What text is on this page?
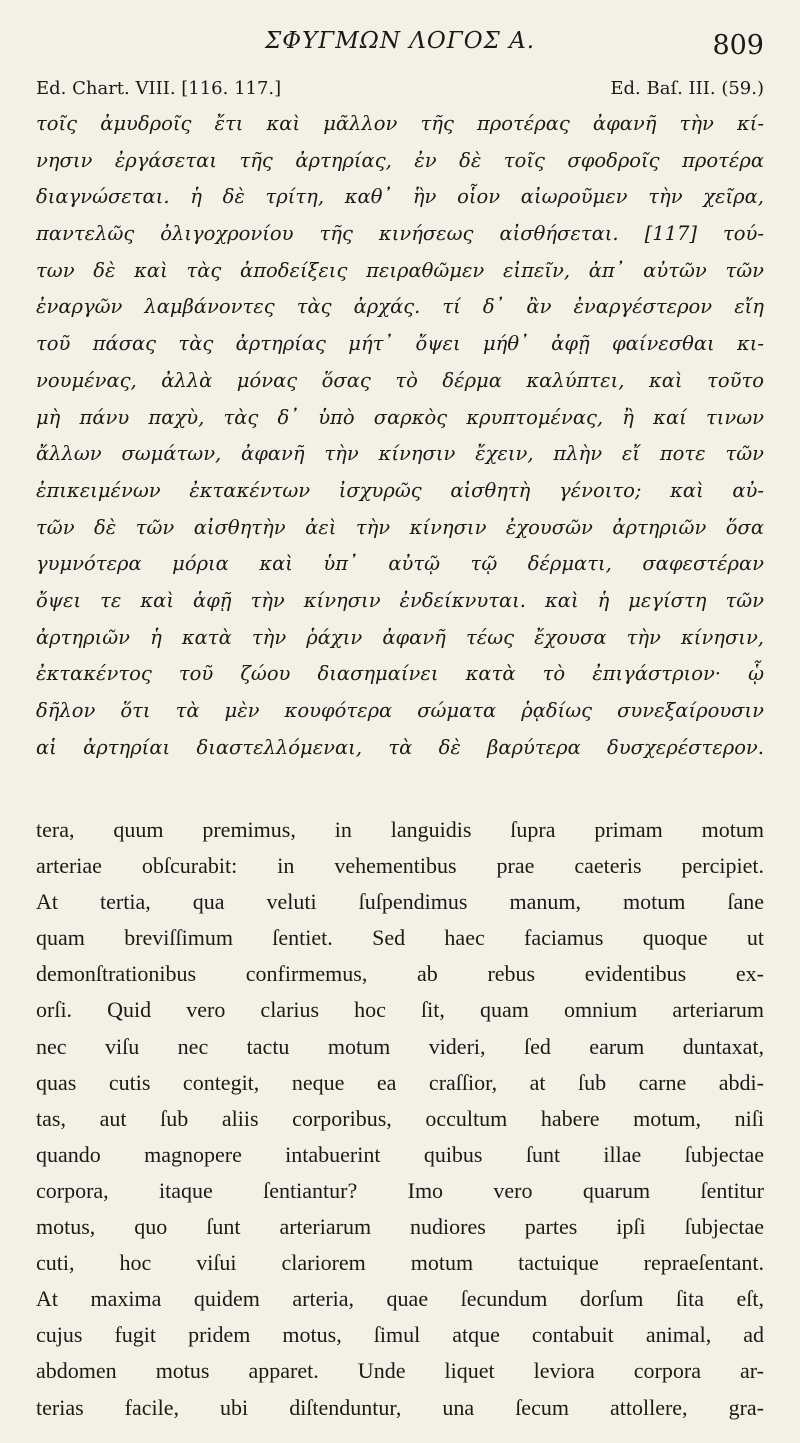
ΣΦΥΓΜΩΝ ΛΟΓΟΣ Α.	809
Ed. Chart. VIII. [116. 117.]	Ed. Baſ. III. (59.)
τοῖς ἀμυδροῖς ἔτι καὶ μᾶλλον τῆς προτέρας ἀφανῆ τὴν κί-
νησιν ἐργάσεται τῆς ἀρτηρίας, ἐν δὲ τοῖς σφοδροῖς προτέρα
διαγνώσεται. ἡ δὲ τρίτη, καθ᾽ ἣν οἷον αἰωροῦμεν τὴν χεῖρα,
παντελῶς ὀλιγοχρονίου τῆς κινήσεως αἰσθήσεται. [117] τού-
των δὲ καὶ τὰς ἀποδείξεις πειραθῶμεν εἰπεῖν, ἀπ᾽ αὐτῶν τῶν
ἐναργῶν λαμβάνοντες τὰς ἀρχάς. τί δ᾽ ἂν ἐναργέστερον εἴη
τοῦ πάσας τὰς ἀρτηρίας μήτ᾽ ὄψει μήθ᾽ ἁφῇ φαίνεσθαι κι-
νουμένας, ἀλλὰ μόνας ὅσας τὸ δέρμα καλύπτει, καὶ τοῦτο
μὴ πάνυ παχὺ, τὰς δ᾽ ὑπὸ σαρκὸς κρυπτομένας, ἢ καί τινων
ἄλλων σωμάτων, ἀφανῆ τὴν κίνησιν ἔχειν, πλὴν εἴ ποτε τῶν
ἐπικειμένων ἐκτακέντων ἰσχυρῶς αἰσθητὴ γένοιτο; καὶ αὐ-
τῶν δὲ τῶν αἰσθητὴν ἀεὶ τὴν κίνησιν ἐχουσῶν ἀρτηριῶν ὅσα
γυμνότερα μόρια καὶ ὑπ᾽ αὐτῷ τῷ δέρματι, σαφεστέραν
ὄψει τε καὶ ἁφῇ τὴν κίνησιν ἐνδείκνυται. καὶ ἡ μεγίστη τῶν
ἀρτηριῶν ἡ κατὰ τὴν ῥάχιν ἀφανῆ τέως ἔχουσα τὴν κίνησιν,
ἐκτακέντος τοῦ ζώου διασημαίνει κατὰ τὸ ἐπιγάστριον· ᾧ
δῆλον ὅτι τὰ μὲν κουφότερα σώματα ῥᾳδίως συνεξαίρουσιν
αἱ ἀρτηρίαι διαστελλόμεναι, τὰ δὲ βαρύτερα δυσχερέστερον.
tera, quum premimus, in languidis ſupra primam motum
arteriae obſcurabit: in vehementibus prae caeteris percipiet.
At tertia, qua veluti ſuſpendimus manum, motum ſane
quam breviſſimum ſentiet. Sed haec faciamus quoque ut
demonſtrationibus confirmemus, ab rebus evidentibus ex-
orſi. Quid vero clarius hoc ſit, quam omnium arteriarum
nec viſu nec tactu motum videri, ſed earum duntaxat,
quas cutis contegit, neque ea craſſior, at ſub carne abdi-
tas, aut ſub aliis corporibus, occultum habere motum, niſi
quando magnopere intabuerint quibus ſunt illae ſubjectae
corpora, itaque ſentiantur? Imo vero quarum ſentitur
motus, quo ſunt arteriarum nudiores partes ipſi ſubjectae
cuti, hoc viſui clariorem motum tactuique repraeſentant.
At maxima quidem arteria, quae ſecundum dorſum ſita eſt,
cujus fugit pridem motus, ſimul atque contabuit animal, ad
abdomen motus apparet. Unde liquet leviora corpora ar-
terias facile, ubi diſtenduntur, una ſecum attollere, gra-
